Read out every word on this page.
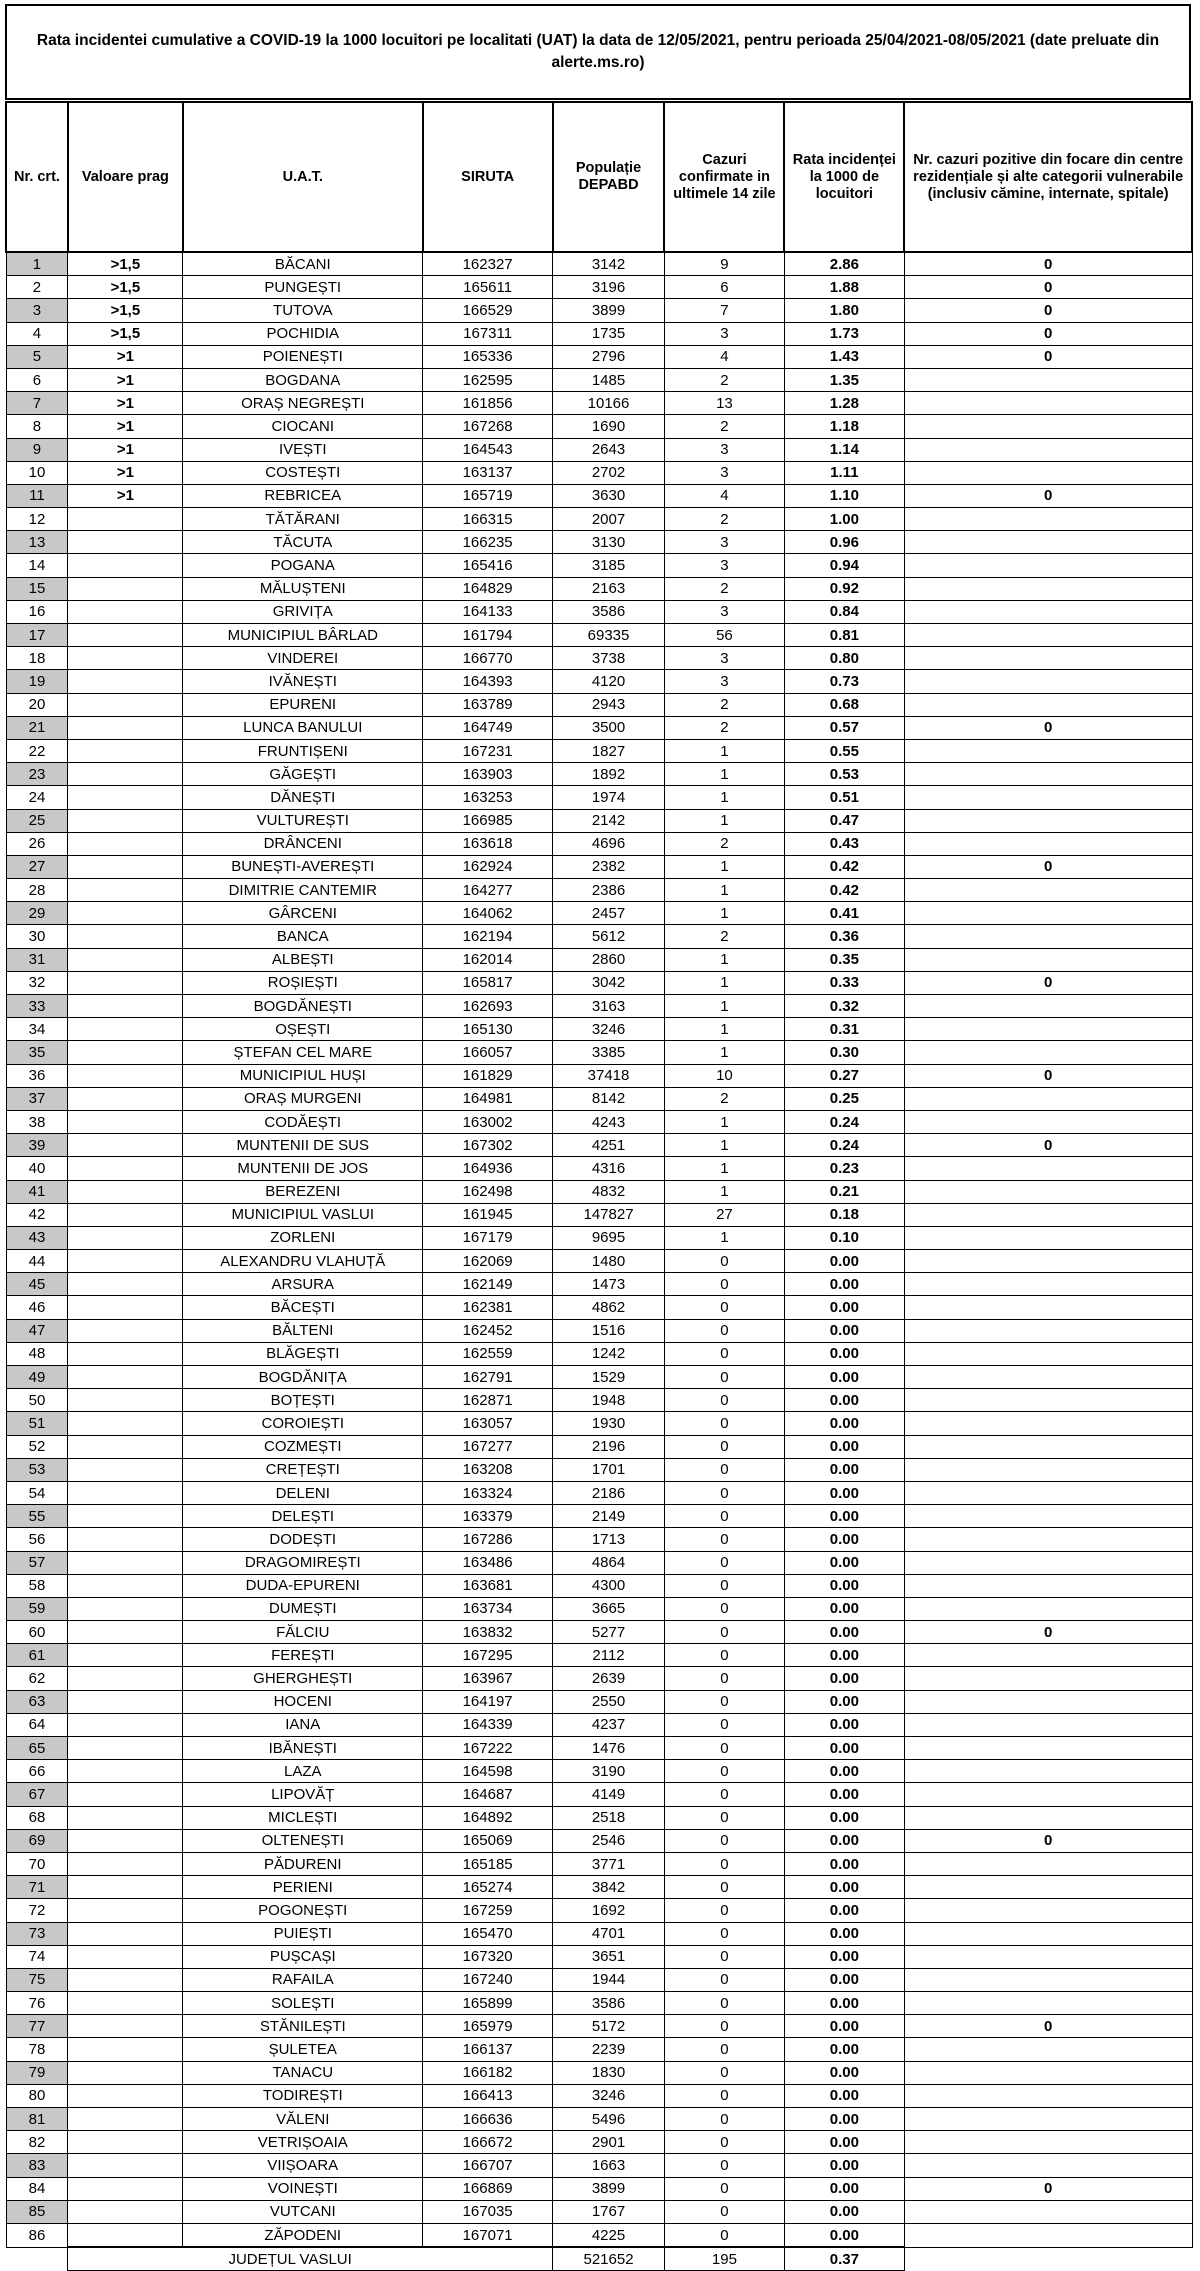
Rata incidentei cumulative a COVID-19 la 1000 locuitori pe localitati (UAT) la data de 12/05/2021, pentru perioada 25/04/2021-08/05/2021 (date preluate din alerte.ms.ro)
Nr. crt.	Valoare prag	U.A.T.	SIRUTA	Populație DEPABD	Cazuri confirmate in ultimele 14 zile	Rata incidenței la 1000 de locuitori	Nr. cazuri pozitive din focare din centre rezidențiale și alte categorii vulnerabile (inclusiv cămine, internate, spitale)
1	>1,5	BĂCANI	162327	3142	9	2.86	0
2	>1,5	PUNGEȘTI	165611	3196	6	1.88	0
3	>1,5	TUTOVA	166529	3899	7	1.80	0
4	>1,5	POCHIDIA	167311	1735	3	1.73	0
5	>1	POIENEȘTI	165336	2796	4	1.43	0
6	>1	BOGDANA	162595	1485	2	1.35	
7	>1	ORAȘ NEGREȘTI	161856	10166	13	1.28	
8	>1	CIOCANI	167268	1690	2	1.18	
9	>1	IVEȘTI	164543	2643	3	1.14	
10	>1	COSTEȘTI	163137	2702	3	1.11	
11	>1	REBRICEA	165719	3630	4	1.10	0
12		TĂTĂRANI	166315	2007	2	1.00	
13		TĂCUTA	166235	3130	3	0.96	
14		POGANA	165416	3185	3	0.94	
15		MĂLUȘTENI	164829	2163	2	0.92	
16		GRIVIȚA	164133	3586	3	0.84	
17		MUNICIPIUL BÂRLAD	161794	69335	56	0.81	
18		VINDEREI	166770	3738	3	0.80	
19		IVĂNEȘTI	164393	4120	3	0.73	
20		EPURENI	163789	2943	2	0.68	
21		LUNCA BANULUI	164749	3500	2	0.57	0
22		FRUNTIȘENI	167231	1827	1	0.55	
23		GĂGEȘTI	163903	1892	1	0.53	
24		DĂNEȘTI	163253	1974	1	0.51	
25		VULTUREȘTI	166985	2142	1	0.47	
26		DRÂNCENI	163618	4696	2	0.43	
27		BUNEȘTI-AVEREȘTI	162924	2382	1	0.42	0
28		DIMITRIE CANTEMIR	164277	2386	1	0.42	
29		GÂRCENI	164062	2457	1	0.41	
30		BANCA	162194	5612	2	0.36	
31		ALBEȘTI	162014	2860	1	0.35	
32		ROȘIEȘTI	165817	3042	1	0.33	0
33		BOGDĂNEȘTI	162693	3163	1	0.32	
34		OȘEȘTI	165130	3246	1	0.31	
35		ȘTEFAN CEL MARE	166057	3385	1	0.30	
36		MUNICIPIUL HUȘI	161829	37418	10	0.27	0
37		ORAȘ MURGENI	164981	8142	2	0.25	
38		CODĂEȘTI	163002	4243	1	0.24	
39		MUNTENII DE SUS	167302	4251	1	0.24	0
40		MUNTENII DE JOS	164936	4316	1	0.23	
41		BEREZENI	162498	4832	1	0.21	
42		MUNICIPIUL VASLUI	161945	147827	27	0.18	
43		ZORLENI	167179	9695	1	0.10	
44		ALEXANDRU VLAHUȚĂ	162069	1480	0	0.00	
45		ARSURA	162149	1473	0	0.00	
46		BĂCEȘTI	162381	4862	0	0.00	
47		BĂLTENI	162452	1516	0	0.00	
48		BLĂGEȘTI	162559	1242	0	0.00	
49		BOGDĂNIȚA	162791	1529	0	0.00	
50		BOȚEȘTI	162871	1948	0	0.00	
51		COROIEȘTI	163057	1930	0	0.00	
52		COZMEȘTI	167277	2196	0	0.00	
53		CREȚEȘTI	163208	1701	0	0.00	
54		DELENI	163324	2186	0	0.00	
55		DELEȘTI	163379	2149	0	0.00	
56		DODEȘTI	167286	1713	0	0.00	
57		DRAGOMIREȘTI	163486	4864	0	0.00	
58		DUDA-EPURENI	163681	4300	0	0.00	
59		DUMEȘTI	163734	3665	0	0.00	
60		FĂLCIU	163832	5277	0	0.00	0
61		FEREȘTI	167295	2112	0	0.00	
62		GHERGHEȘTI	163967	2639	0	0.00	
63		HOCENI	164197	2550	0	0.00	
64		IANA	164339	4237	0	0.00	
65		IBĂNEȘTI	167222	1476	0	0.00	
66		LAZA	164598	3190	0	0.00	
67		LIPOVĂȚ	164687	4149	0	0.00	
68		MICLEȘTI	164892	2518	0	0.00	
69		OLTENEȘTI	165069	2546	0	0.00	0
70		PĂDURENI	165185	3771	0	0.00	
71		PERIENI	165274	3842	0	0.00	
72		POGONEȘTI	167259	1692	0	0.00	
73		PUIEȘTI	165470	4701	0	0.00	
74		PUȘCAȘI	167320	3651	0	0.00	
75		RAFAILA	167240	1944	0	0.00	
76		SOLEȘTI	165899	3586	0	0.00	
77		STĂNILEȘTI	165979	5172	0	0.00	0
78		ȘULETEA	166137	2239	0	0.00	
79		TANACU	166182	1830	0	0.00	
80		TODIREȘTI	166413	3246	0	0.00	
81		VĂLENI	166636	5496	0	0.00	
82		VETRIȘOAIA	166672	2901	0	0.00	
83		VIIȘOARA	166707	1663	0	0.00	
84		VOINEȘTI	166869	3899	0	0.00	0
85		VUTCANI	167035	1767	0	0.00	
86		ZĂPODENI	167071	4225	0	0.00	
	JUDEȚUL VASLUI			521652	195	0.37	
